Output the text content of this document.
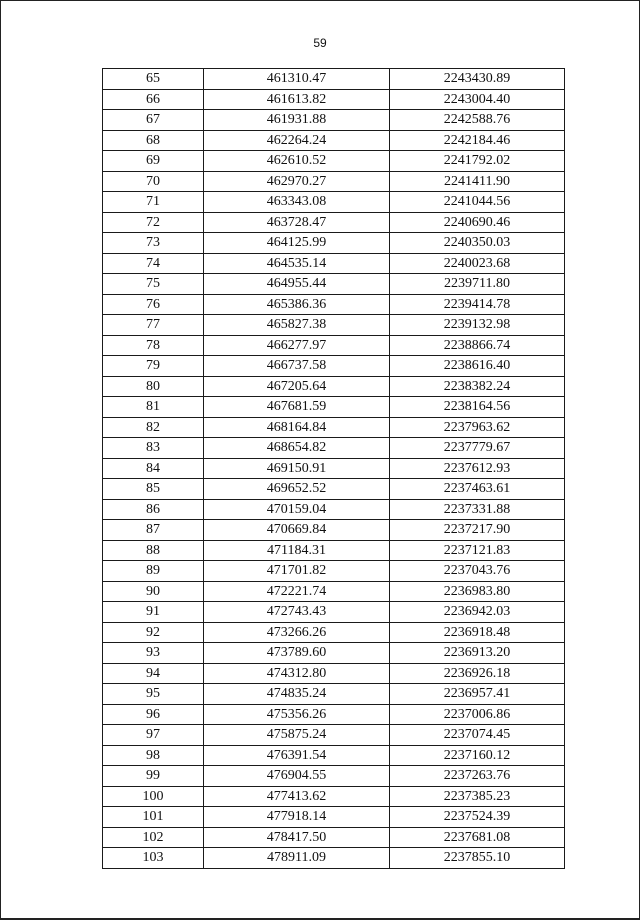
59
65	461310.47	2243430.89
66	461613.82	2243004.40
67	461931.88	2242588.76
68	462264.24	2242184.46
69	462610.52	2241792.02
70	462970.27	2241411.90
71	463343.08	2241044.56
72	463728.47	2240690.46
73	464125.99	2240350.03
74	464535.14	2240023.68
75	464955.44	2239711.80
76	465386.36	2239414.78
77	465827.38	2239132.98
78	466277.97	2238866.74
79	466737.58	2238616.40
80	467205.64	2238382.24
81	467681.59	2238164.56
82	468164.84	2237963.62
83	468654.82	2237779.67
84	469150.91	2237612.93
85	469652.52	2237463.61
86	470159.04	2237331.88
87	470669.84	2237217.90
88	471184.31	2237121.83
89	471701.82	2237043.76
90	472221.74	2236983.80
91	472743.43	2236942.03
92	473266.26	2236918.48
93	473789.60	2236913.20
94	474312.80	2236926.18
95	474835.24	2236957.41
96	475356.26	2237006.86
97	475875.24	2237074.45
98	476391.54	2237160.12
99	476904.55	2237263.76
100	477413.62	2237385.23
101	477918.14	2237524.39
102	478417.50	2237681.08
103	478911.09	2237855.10
